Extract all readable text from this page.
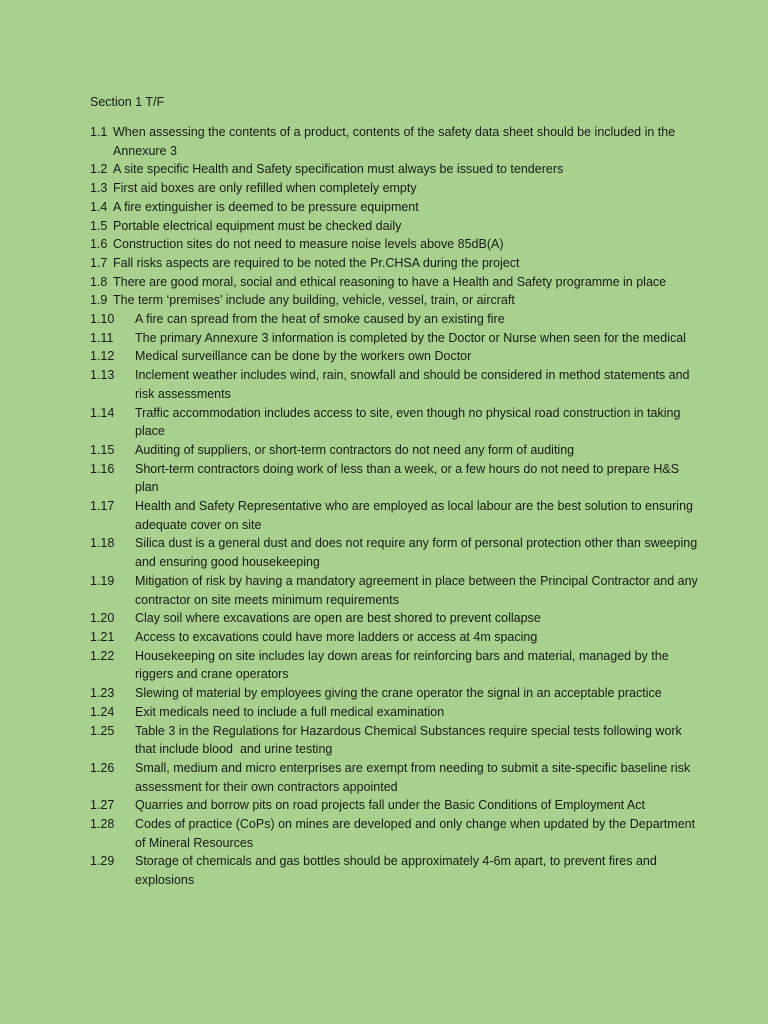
Section 1 T/F
1.1 When assessing the contents of a product, contents of the safety data sheet should be included in the Annexure 3
1.2 A site specific Health and Safety specification must always be issued to tenderers
1.3 First aid boxes are only refilled when completely empty
1.4 A fire extinguisher is deemed to be pressure equipment
1.5 Portable electrical equipment must be checked daily
1.6 Construction sites do not need to measure noise levels above 85dB(A)
1.7 Fall risks aspects are required to be noted the Pr.CHSA during the project
1.8 There are good moral, social and ethical reasoning to have a Health and Safety programme in place
1.9 The term ‘premises’ include any building, vehicle, vessel, train, or aircraft
1.10	A fire can spread from the heat of smoke caused by an existing fire
1.11	The primary Annexure 3 information is completed by the Doctor or Nurse when seen for the medical
1.12	Medical surveillance can be done by the workers own Doctor
1.13	Inclement weather includes wind, rain, snowfall and should be considered in method statements and risk assessments
1.14	Traffic accommodation includes access to site, even though no physical road construction in taking place
1.15	Auditing of suppliers, or short-term contractors do not need any form of auditing
1.16	Short-term contractors doing work of less than a week, or a few hours do not need to prepare H&S plan
1.17	Health and Safety Representative who are employed as local labour are the best solution to ensuring adequate cover on site
1.18	Silica dust is a general dust and does not require any form of personal protection other than sweeping and ensuring good housekeeping
1.19	Mitigation of risk by having a mandatory agreement in place between the Principal Contractor and any contractor on site meets minimum requirements
1.20	Clay soil where excavations are open are best shored to prevent collapse
1.21	Access to excavations could have more ladders or access at 4m spacing
1.22	Housekeeping on site includes lay down areas for reinforcing bars and material, managed by the riggers and crane operators
1.23	Slewing of material by employees giving the crane operator the signal in an acceptable practice
1.24	Exit medicals need to include a full medical examination
1.25	Table 3 in the Regulations for Hazardous Chemical Substances require special tests following work that include blood  and urine testing
1.26	Small, medium and micro enterprises are exempt from needing to submit a site-specific baseline risk assessment for their own contractors appointed
1.27	Quarries and borrow pits on road projects fall under the Basic Conditions of Employment Act
1.28	Codes of practice (CoPs) on mines are developed and only change when updated by the Department of Mineral Resources
1.29	Storage of chemicals and gas bottles should be approximately 4-6m apart, to prevent fires and explosions
